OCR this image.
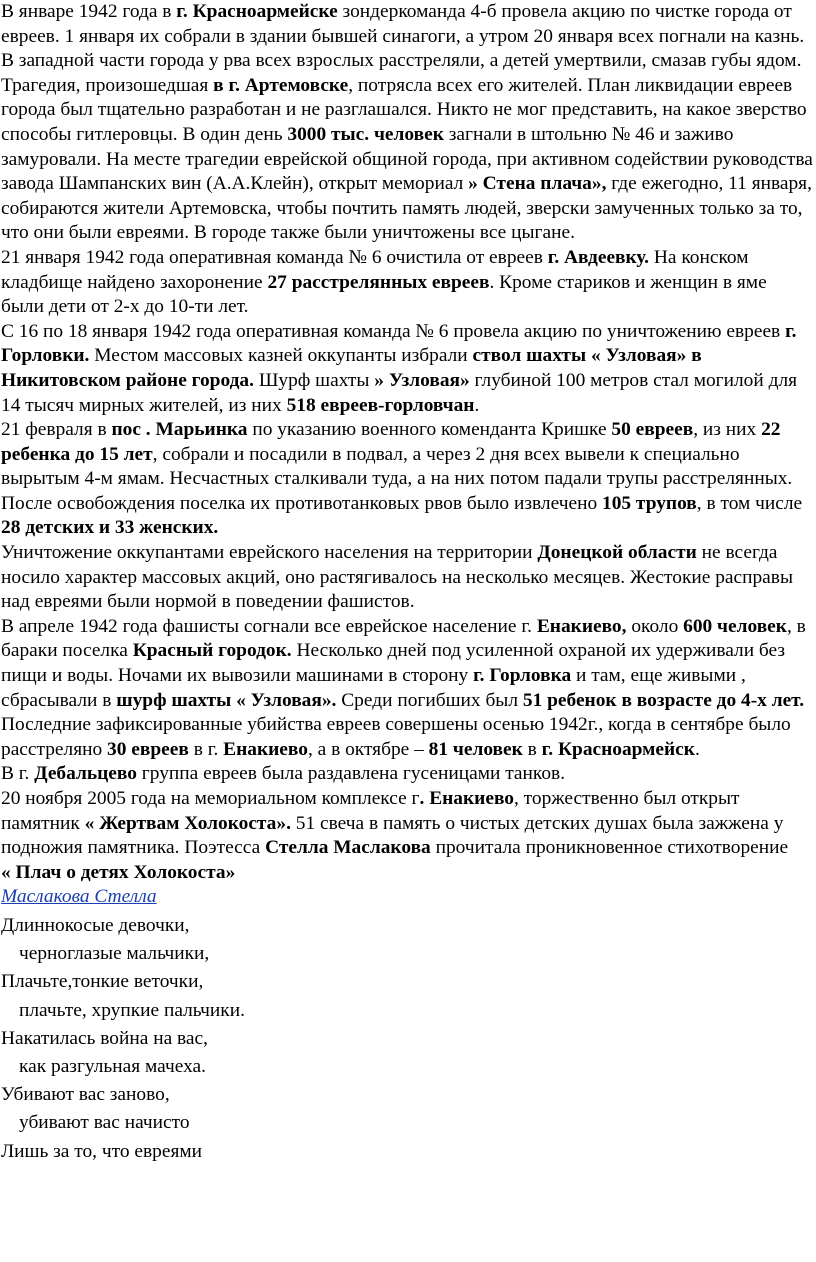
В январе 1942 года в г. Красноармейске зондеркоманда 4-б провела акцию по чистке города от евреев. 1 января их собрали в здании бывшей синагоги, а утром 20 января всех погнали на казнь.

В западной части города у рва всех взрослых расстреляли, а детей умертвили, смазав губы ядом.

Трагедия, произошедшая в г. Артемовске, потрясла всех его жителей. План ликвидации евреев города был тщательно разработан и не разглашался. Никто не мог представить, на какое зверство способы гитлеровцы. В один день 3000 тыс. человек загнали в штольню № 46 и заживо замуровали. На месте трагедии еврейской общиной города, при активном содействии руководства завода Шампанских вин (А.А.Клейн), открыт мемориал » Стена плача», где ежегодно, 11 января, собираются жители Артемовска, чтобы почтить память людей, зверски замученных только за то, что они были евреями. В городе также были уничтожены все цыгане.

21 января 1942 года оперативная команда № 6 очистила от евреев г. Авдеевку. На конском кладбище найдено захоронение 27 расстрелянных евреев. Кроме стариков и женщин в яме были дети от 2-х до 10-ти лет.

С 16 по 18 января 1942 года оперативная команда № 6 провела акцию по уничтожению евреев г. Горловки. Местом массовых казней оккупанты избрали ствол шахты « Узловая» в Никитовском районе города. Шурф шахты » Узловая» глубиной 100 метров стал могилой для 14 тысяч мирных жителей, из них 518 евреев-горловчан.

21 февраля в пос . Марьинка по указанию военного коменданта Кришке 50 евреев, из них 22 ребенка до 15 лет, собрали и посадили в подвал, а через 2 дня всех вывели к специально вырытым 4-м ямам. Несчастных сталкивали туда, а на них потом падали трупы расстрелянных. После освобождения поселка их противотанковых рвов было извлечено 105 трупов, в том числе 28 детских и 33 женских.

Уничтожение оккупантами еврейского населения на территории Донецкой области не всегда носило характер массовых акций, оно растягивалось на несколько месяцев. Жестокие расправы над евреями были нормой в поведении фашистов.

В апреле 1942 года фашисты согнали все еврейское население г. Енакиево, около 600 человек, в бараки поселка Красный городок. Несколько дней под усиленной охраной их удерживали без пищи и воды. Ночами их вывозили машинами в сторону г. Горловка и там, еще живыми , сбрасывали в шурф шахты « Узловая». Среди погибших был 51 ребенок в возрасте до 4-х лет.

Последние зафиксированные убийства евреев совершены осенью 1942г., когда в сентябре было расстреляно 30 евреев в г. Енакиево, а в октябре – 81 человек в г. Красноармейск.

В г. Дебальцево группа евреев была раздавлена гусеницами танков.

20 ноября 2005 года на мемориальном комплексе г. Енакиево, торжественно был открыт памятник « Жертвам Холокоста». 51 свеча в память о чистых детских душах была зажжена у подножия памятника. Поэтесса Стелла Маслакова прочитала проникновенное стихотворение

« Плач о детях Холокоста»

Маслакова Стелла

Длиннокосые девочки,

черноглазые мальчики,

Плачьте,тонкие веточки,

плачьте, хрупкие пальчики.

Накатилась война на вас,

как разгульная мачеха.

Убивают вас заново,

убивают вас начисто

Лишь за то, что евреями
